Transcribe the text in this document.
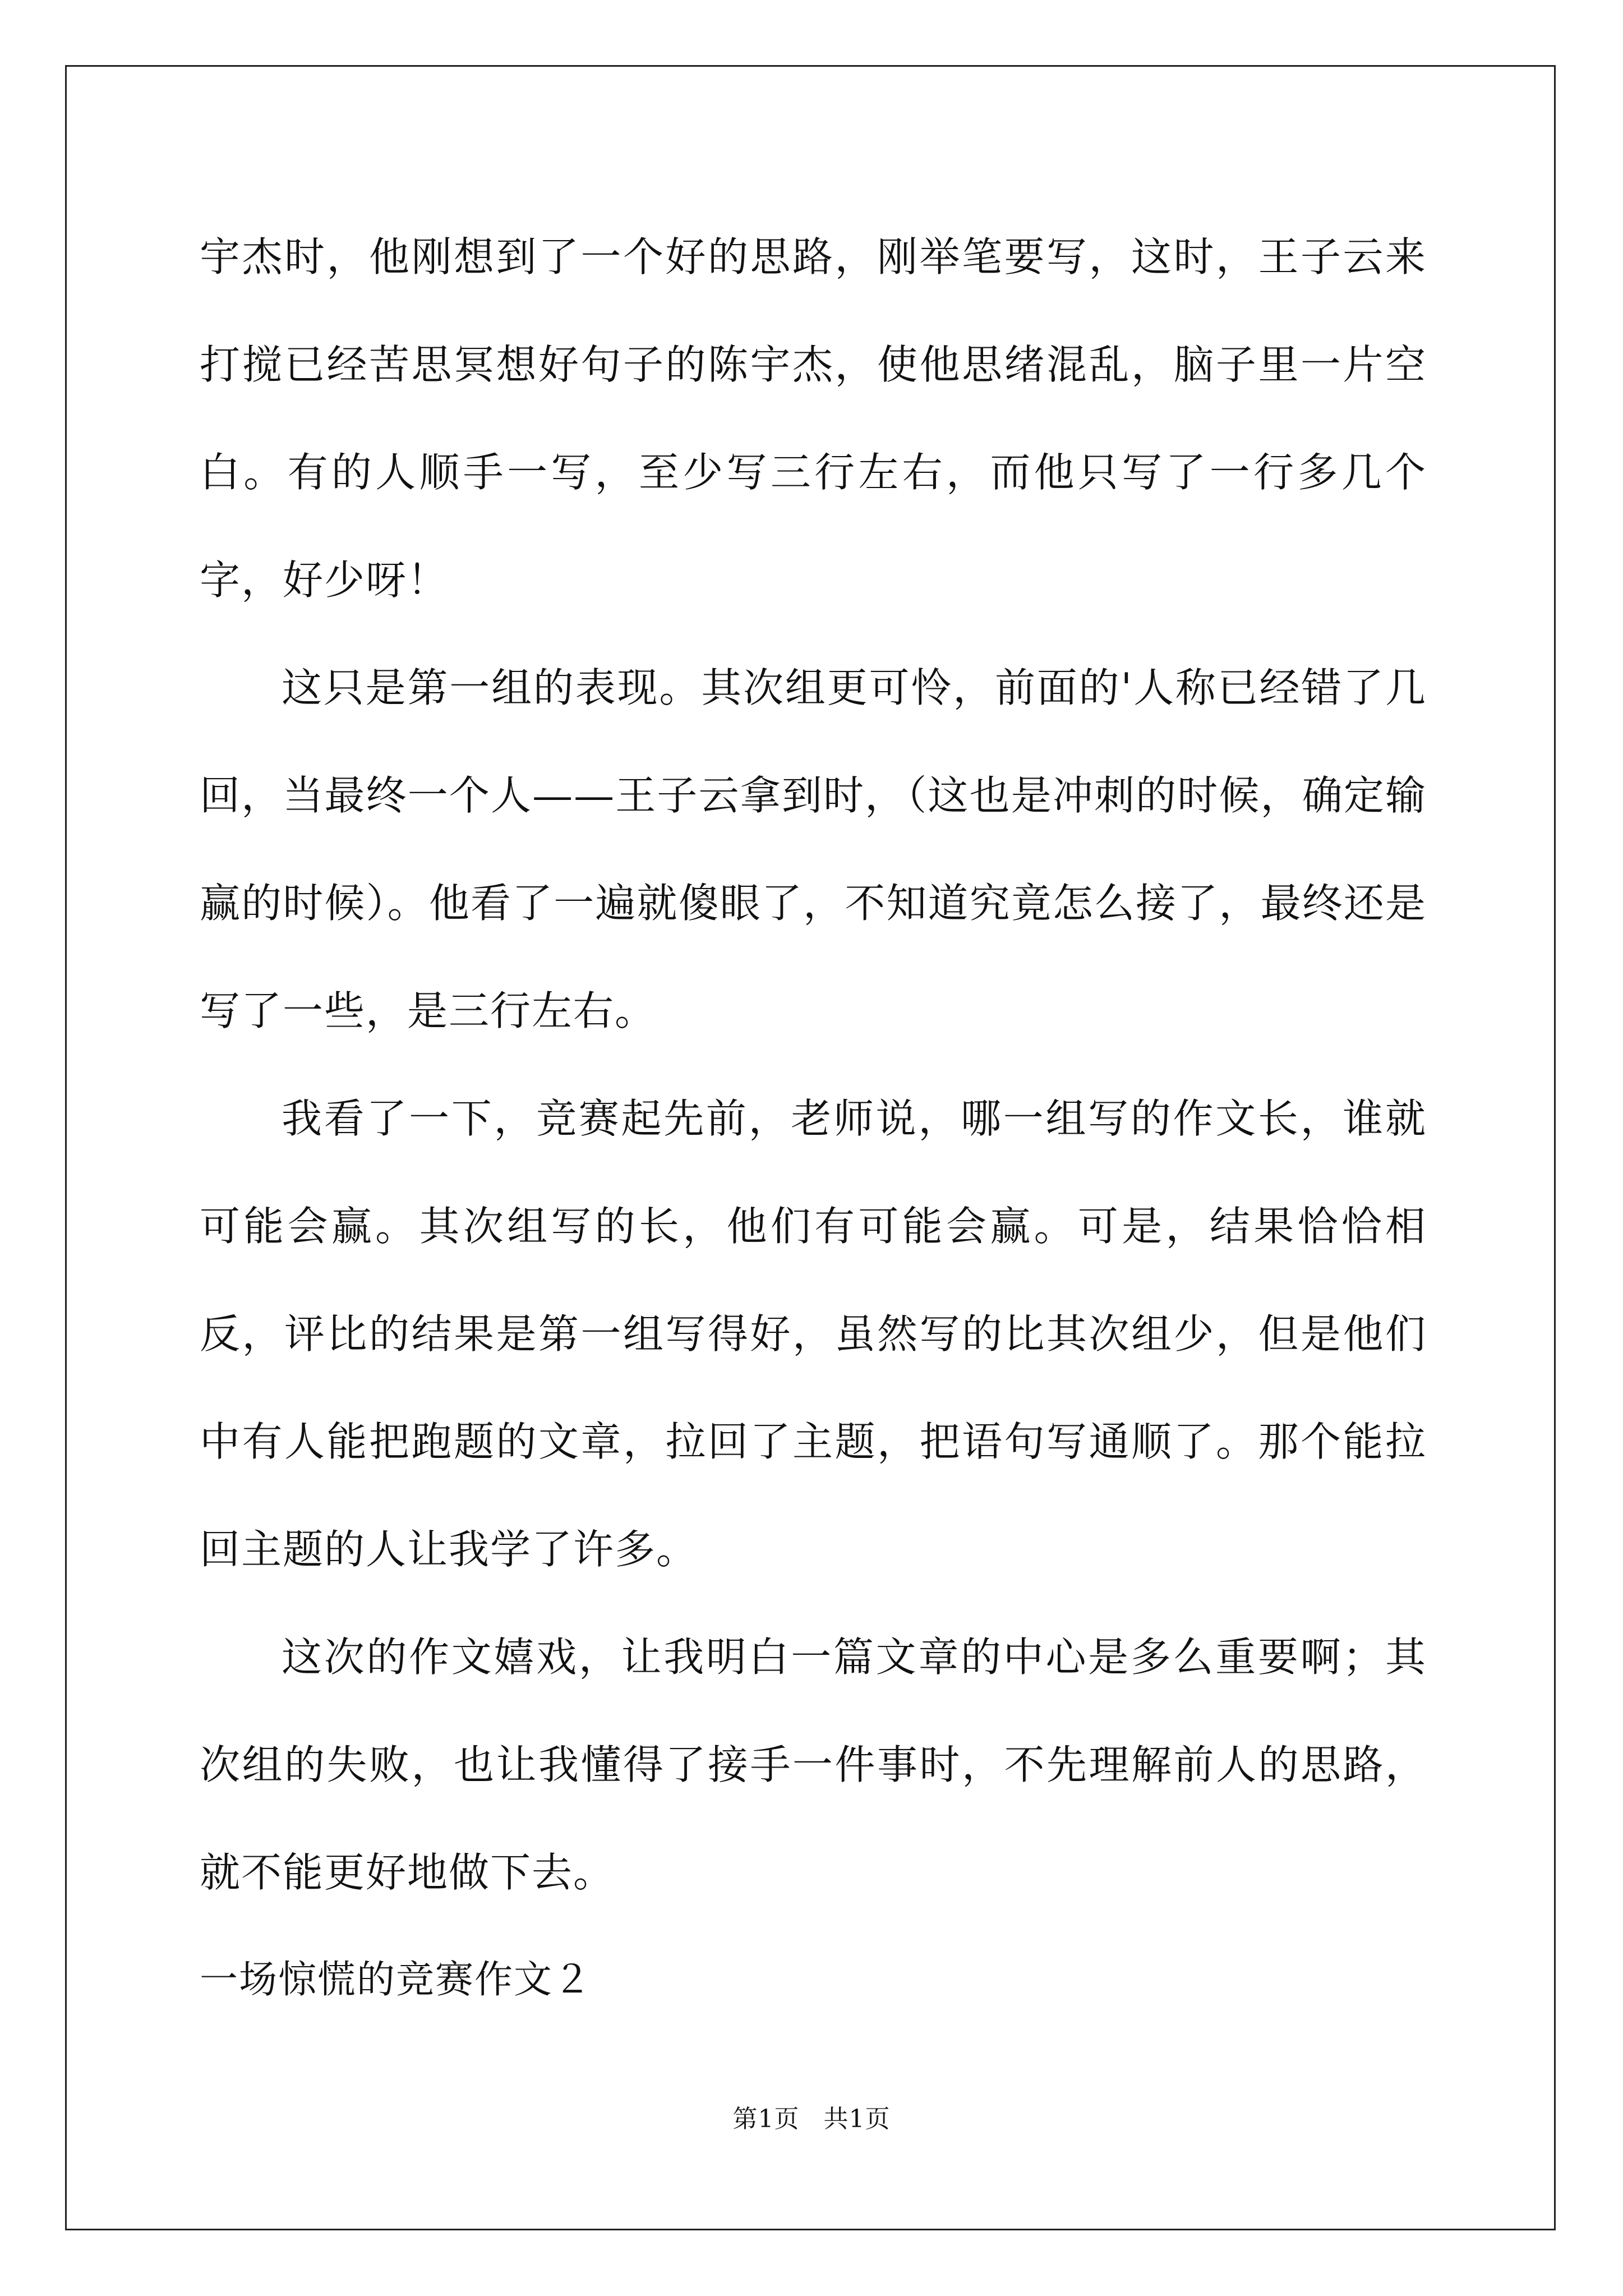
宇杰时，他刚想到了一个好的思路，刚举笔要写，这时，王子云来打搅已经苦思冥想好句子的陈宇杰，使他思绪混乱，脑子里一片空白。有的人顺手一写，至少写三行左右，而他只写了一行多几个字，好少呀！

这只是第一组的表现。其次组更可怜，前面的'人称已经错了几回，当最终一个人——王子云拿到时，（这也是冲刺的时候，确定输赢的时候）。他看了一遍就傻眼了，不知道究竟怎么接了，最终还是写了一些，是三行左右。

我看了一下，竞赛起先前，老师说，哪一组写的作文长，谁就可能会赢。其次组写的长，他们有可能会赢。可是，结果恰恰相反，评比的结果是第一组写得好，虽然写的比其次组少，但是他们中有人能把跑题的文章，拉回了主题，把语句写通顺了。那个能拉回主题的人让我学了许多。

这次的作文嬉戏，让我明白一篇文章的中心是多么重要啊；其次组的失败，也让我懂得了接手一件事时，不先理解前人的思路，就不能更好地做下去。

一场惊慌的竞赛作文２

第1页 共1页
